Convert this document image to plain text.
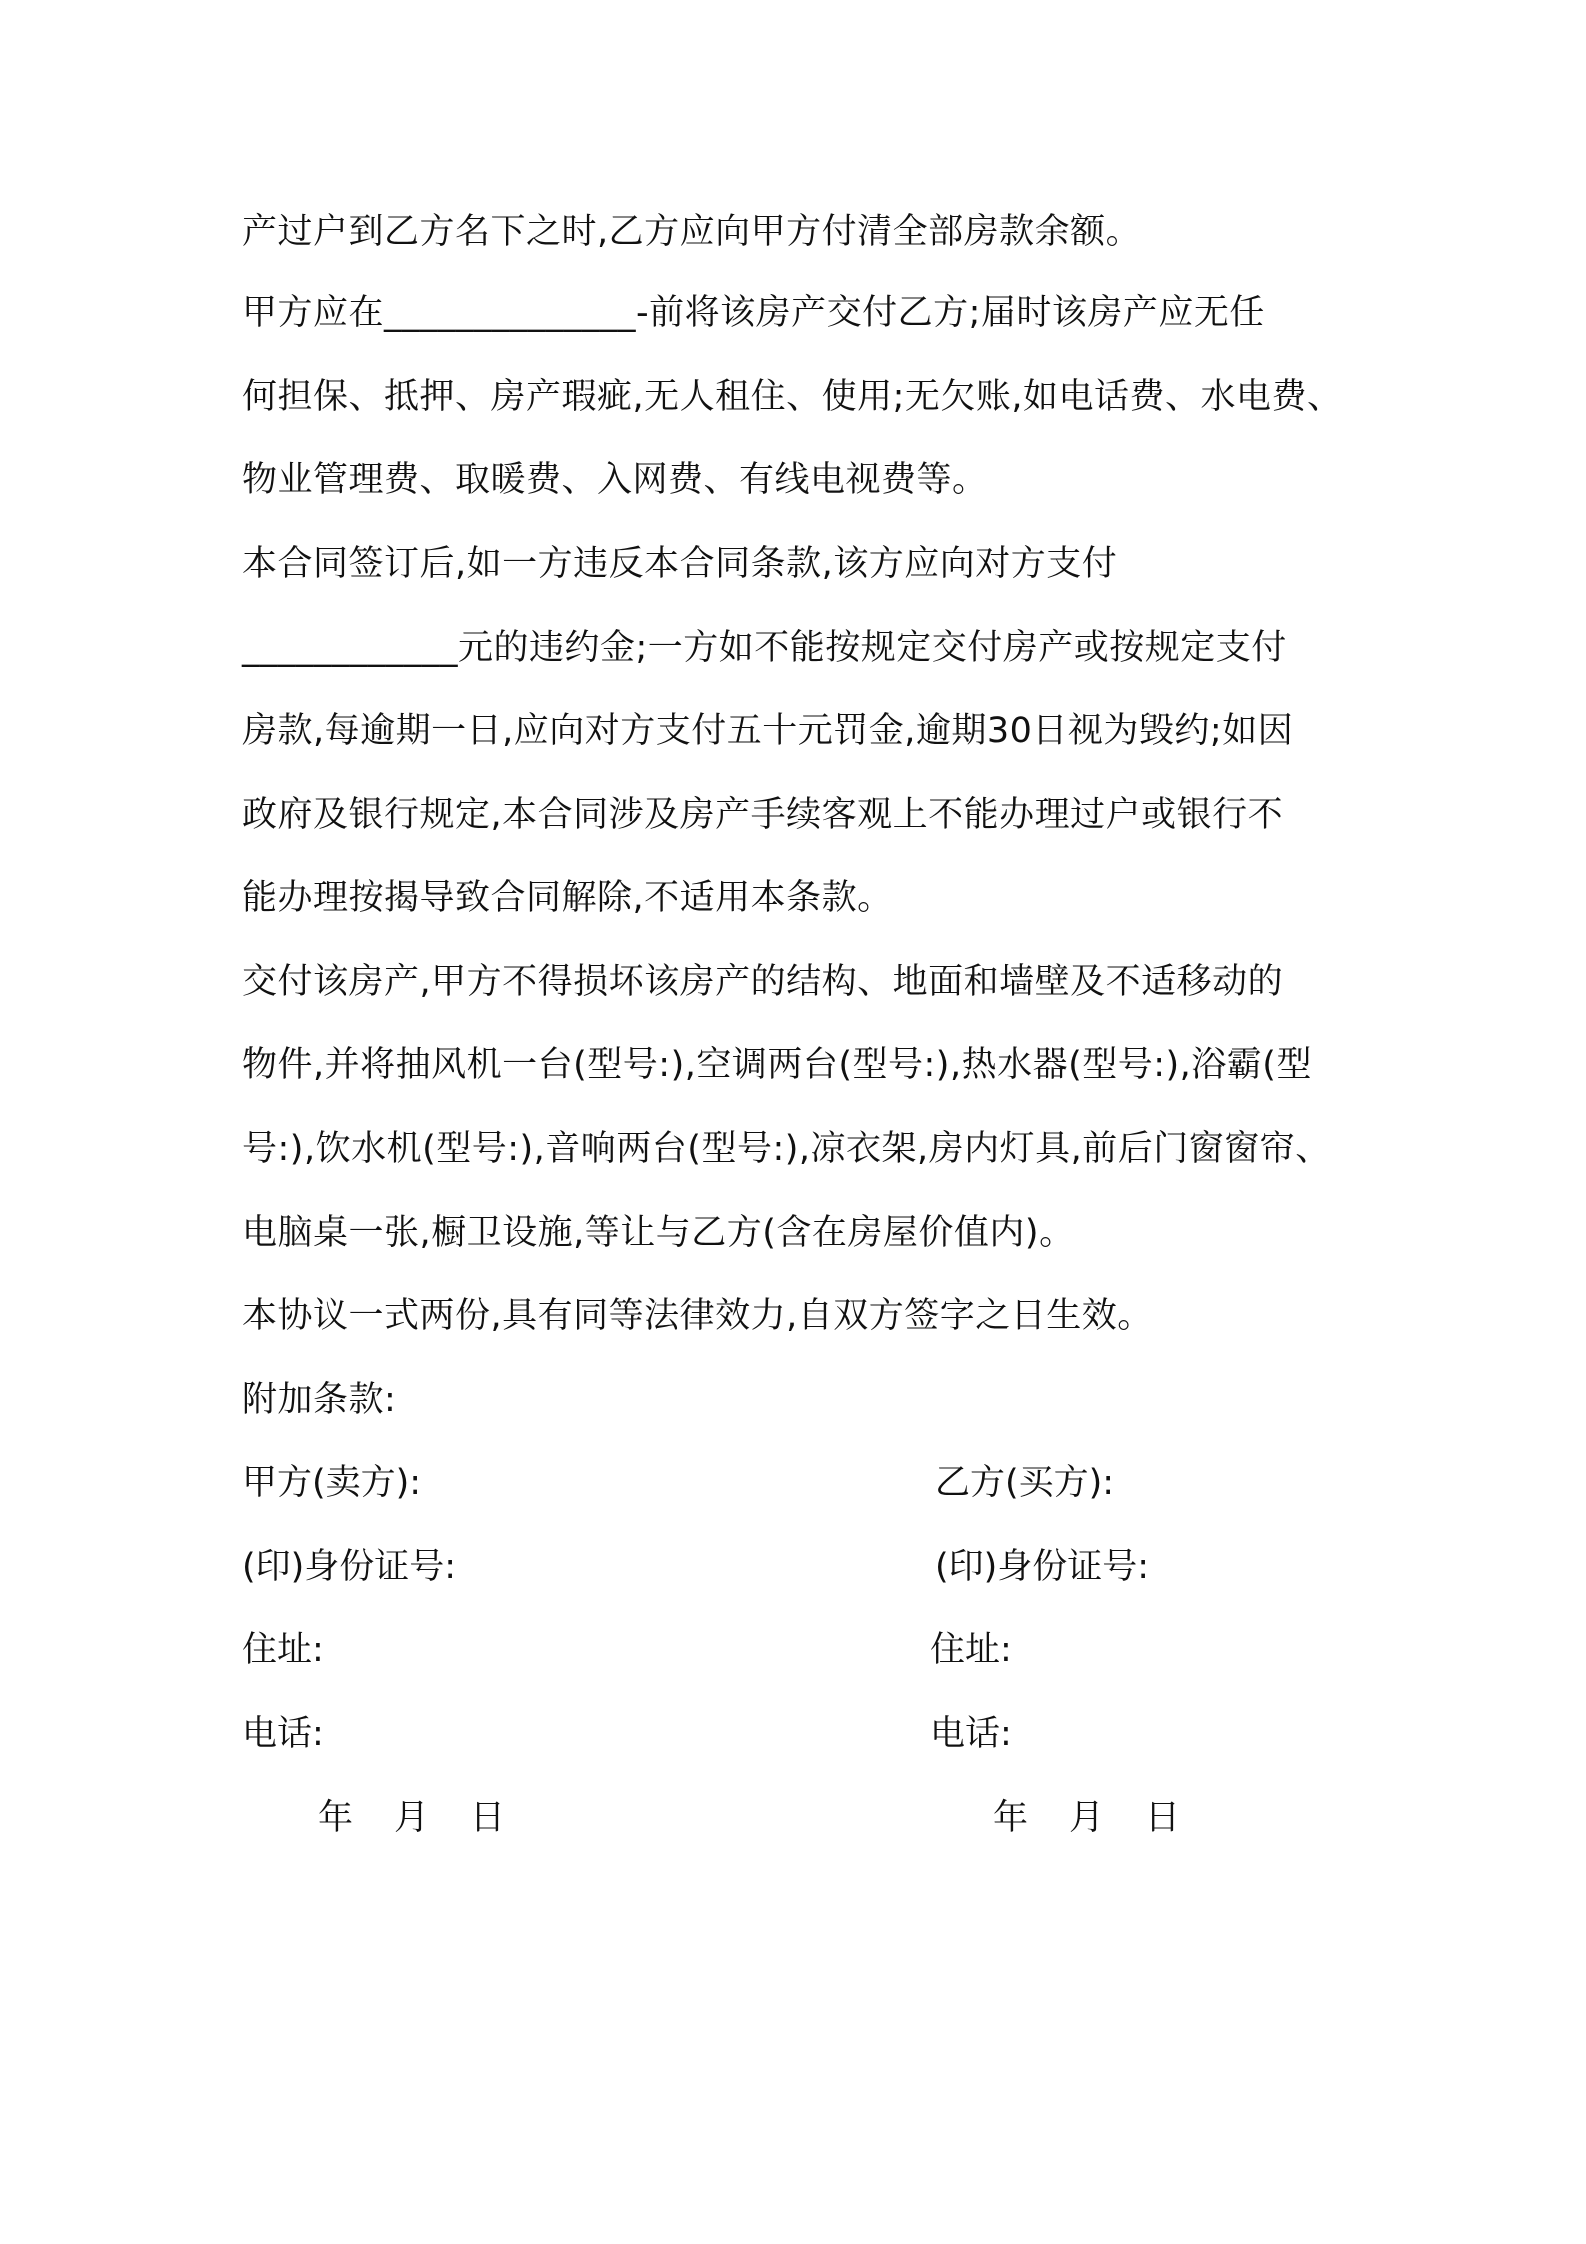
产过户到乙方名下之时,乙方应向甲方付清全部房款余额。
甲方应在______________-前将该房产交付乙方;届时该房产应无任
何担保、抵押、房产瑕疵,无人租住、使用;无欠账,如电话费、水电费、
物业管理费、取暖费、入网费、有线电视费等。
本合同签订后,如一方违反本合同条款,该方应向对方支付
____________元的违约金;一方如不能按规定交付房产或按规定支付
房款,每逾期一日,应向对方支付五十元罚金,逾期30日视为毁约;如因
政府及银行规定,本合同涉及房产手续客观上不能办理过户或银行不
能办理按揭导致合同解除,不适用本条款。
交付该房产,甲方不得损坏该房产的结构、地面和墙壁及不适移动的
物件,并将抽风机一台(型号:),空调两台(型号:),热水器(型号:),浴霸(型
号:),饮水机(型号:),音响两台(型号:),凉衣架,房内灯具,前后门窗窗帘、
电脑桌一张,橱卫设施,等让与乙方(含在房屋价值内)。
本协议一式两份,具有同等法律效力,自双方签字之日生效。
附加条款:
甲方(卖方):	乙方(买方):
(印)身份证号:	(印)身份证号:
住址:	住址:
电话:	电话:
年 月 日	年 月 日
